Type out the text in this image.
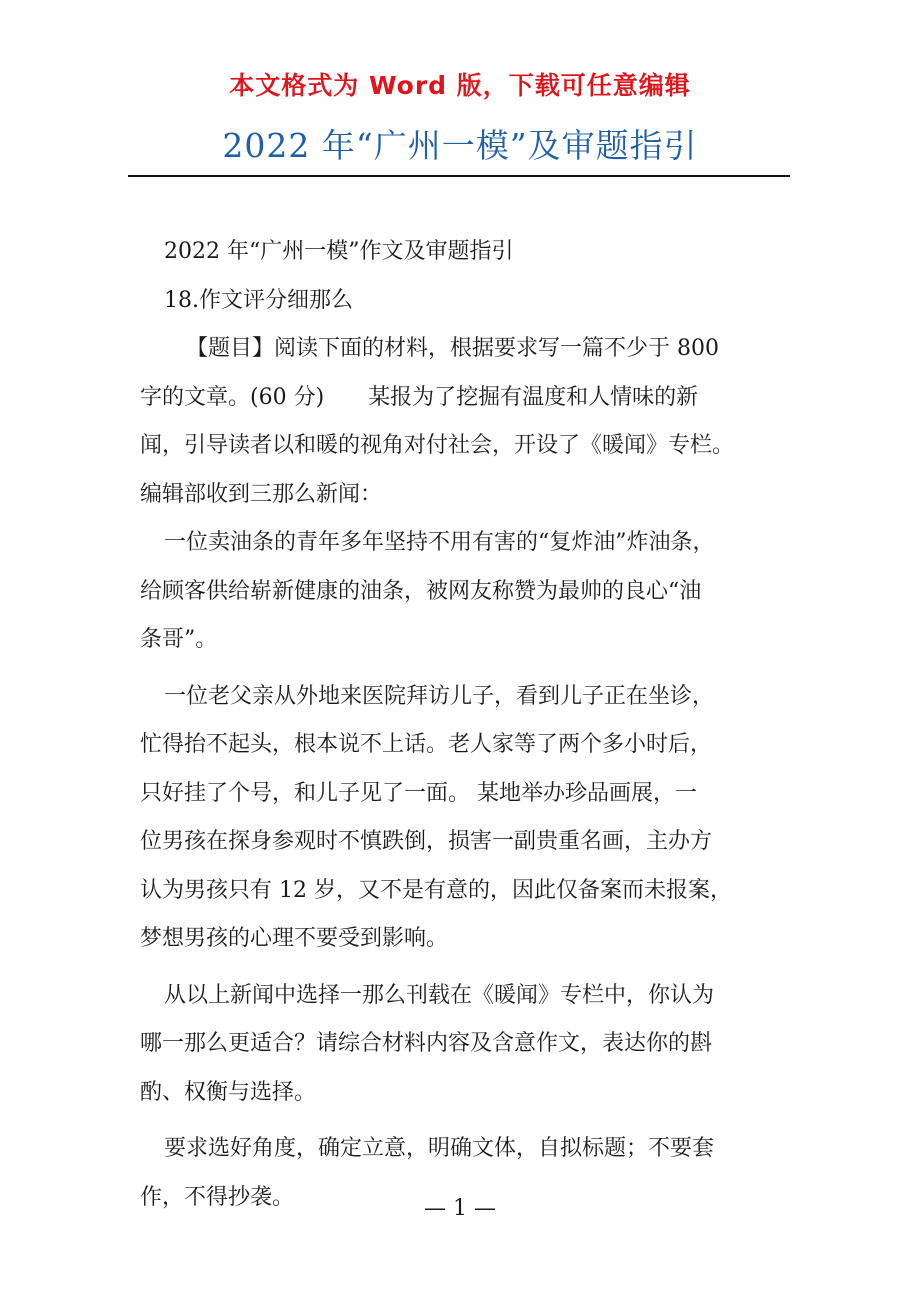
本文格式为 Word 版，下载可任意编辑
2022 年“广州一模”及审题指引
2022 年“广州一模”作文及审题指引
18.作文评分细那么
【题目】阅读下面的材料，根据要求写一篇不少于 800
字的文章。(60 分)　　某报为了挖掘有温度和人情味的新
闻，引导读者以和暖的视角对付社会，开设了《暖闻》专栏。
编辑部收到三那么新闻：
一位卖油条的青年多年坚持不用有害的“复炸油”炸油条，
给顾客供给崭新健康的油条，被网友称赞为最帅的良心“油
条哥”。
一位老父亲从外地来医院拜访儿子，看到儿子正在坐诊，
忙得抬不起头，根本说不上话。老人家等了两个多小时后，
只好挂了个号，和儿子见了一面。 某地举办珍品画展，一
位男孩在探身参观时不慎跌倒，损害一副贵重名画，主办方
认为男孩只有 12 岁，又不是有意的，因此仅备案而未报案，
梦想男孩的心理不要受到影响。
从以上新闻中选择一那么刊载在《暖闻》专栏中，你认为
哪一那么更适合？请综合材料内容及含意作文，表达你的斟
酌、权衡与选择。
要求选好角度，确定立意，明确文体，自拟标题；不要套
作，不得抄袭。	— 1 —
